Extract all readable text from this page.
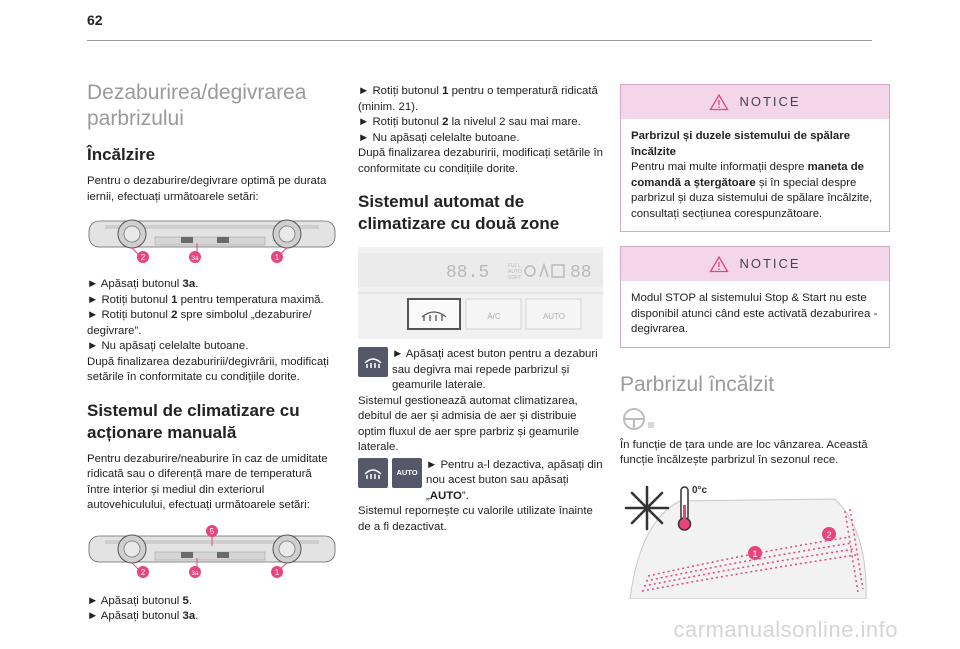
62
Dezaburirea/degivrarea
parbrizului
Încălzire

Pentru o dezaburire/degivrare optimă pe durata iernii, efectuați următoarele setări:

2	3a	1

► Apăsați butonul 3a.

► Rotiți butonul 1 pentru temperatura maximă.

► Rotiți butonul 2 spre simbolul „dezaburire/ degivrare”.

► Nu apăsați celelalte butoane.

După finalizarea dezaburirii/degivrării, modificați setările în conformitate cu condițiile dorite.

Sistemul de climatizare cu
acționare manuală

Pentru dezaburire/neaburire în caz de umiditate ridicată sau o diferență mare de temperatură între interior și mediul din exteriorul autovehiculului, efectuați următoarele setări:

5
2	3a	1

► Apăsați butonul 5.

► Apăsați butonul 3a.

► Rotiți butonul 1 pentru o temperatură ridicată (minim. 21).

► Rotiți butonul 2 la nivelul 2 sau mai mare.

► Nu apăsați celelalte butoane.

După finalizarea dezaburirii, modificați setările în conformitate cu condițiile dorite.

Sistemul automat de
climatizare cu două zone
88.5	FULL
AUTO
SOFT	88
A/C	AUTO

► Apăsați acest buton pentru a dezaburi sau degivra mai repede parbrizul și geamurile laterale.

Sistemul gestionează automat climatizarea, debitul de aer și admisia de aer și distribuie optim fluxul de aer spre parbriz și geamurile laterale.

AUTO

► Pentru a-l dezactiva, apăsați din nou acest buton sau apăsați „AUTO”.

Sistemul repornește cu valorile utilizate înainte de a fi dezactivat.

NOTICE

Parbrizul și duzele sistemului de spălare încălzite

Pentru mai multe informații despre maneta de comandă a ștergătoare și în special despre parbrizul și duza sistemului de spălare încălzite, consultați secțiunea corespunzătoare.

NOTICE

Modul STOP al sistemului Stop & Start nu este disponibil atunci când este activată dezaburirea - degivrarea.

Parbrizul încălzit

În funcție de țara unde are loc vânzarea. Această funcție încălzește parbrizul în sezonul rece.

0°c
1
2
carmanualsonline.info
